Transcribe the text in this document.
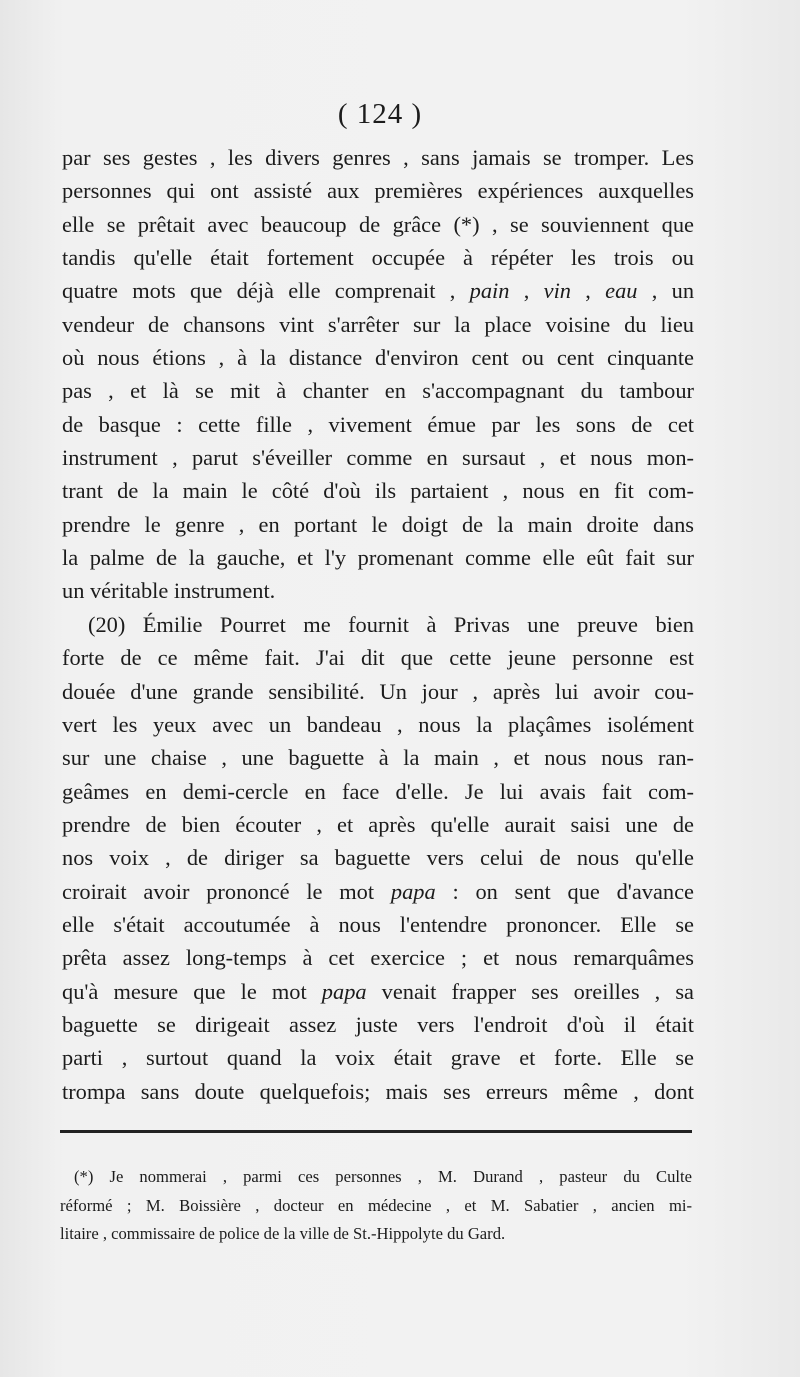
( 124 )
par ses gestes , les divers genres , sans jamais se tromper. Les
personnes qui ont assisté aux premières expériences auxquelles
elle se prêtait avec beaucoup de grâce (*) , se souviennent que
tandis qu'elle était fortement occupée à répéter les trois ou
quatre mots que déjà elle comprenait , pain , vin , eau , un
vendeur de chansons vint s'arrêter sur la place voisine du lieu
où nous étions , à la distance d'environ cent ou cent cinquante
pas , et là se mit à chanter en s'accompagnant du tambour
de basque : cette fille , vivement émue par les sons de cet
instrument , parut s'éveiller comme en sursaut , et nous mon-
trant de la main le côté d'où ils partaient , nous en fit com-
prendre le genre , en portant le doigt de la main droite dans
la palme de la gauche, et l'y promenant comme elle eût fait sur
un véritable instrument.
(20) Émilie Pourret me fournit à Privas une preuve bien
forte de ce même fait. J'ai dit que cette jeune personne est
douée d'une grande sensibilité. Un jour , après lui avoir cou-
vert les yeux avec un bandeau , nous la plaçâmes isolément
sur une chaise , une baguette à la main , et nous nous ran-
geâmes en demi-cercle en face d'elle. Je lui avais fait com-
prendre de bien écouter , et après qu'elle aurait saisi une de
nos voix , de diriger sa baguette vers celui de nous qu'elle
croirait avoir prononcé le mot papa : on sent que d'avance
elle s'était accoutumée à nous l'entendre prononcer. Elle se
prêta assez long-temps à cet exercice ; et nous remarquâmes
qu'à mesure que le mot papa venait frapper ses oreilles , sa
baguette se dirigeait assez juste vers l'endroit d'où il était
parti , surtout quand la voix était grave et forte. Elle se
trompa sans doute quelquefois; mais ses erreurs même , dont
(*) Je nommerai , parmi ces personnes , M. Durand , pasteur du Culte
réformé ; M. Boissière , docteur en médecine , et M. Sabatier , ancien mi-
litaire , commissaire de police de la ville de St.-Hippolyte du Gard.
